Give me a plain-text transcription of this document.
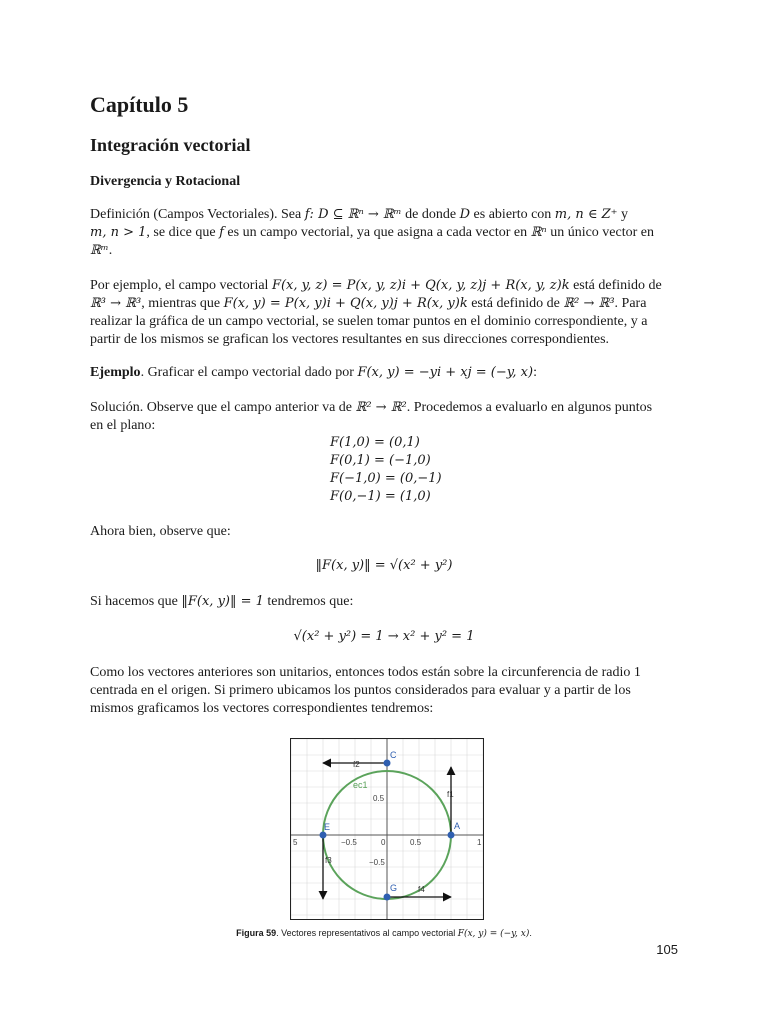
Capítulo 5
Integración vectorial
Divergencia y Rotacional

Definición (Campos Vectoriales). Sea f: D ⊆ ℝⁿ → ℝᵐ de donde D es abierto con m, n ∈ Z⁺ y
m, n > 1, se dice que f es un campo vectorial, ya que asigna a cada vector en ℝⁿ un único vector en
ℝᵐ.

Por ejemplo, el campo vectorial F(x, y, z) = P(x, y, z)i + Q(x, y, z)j + R(x, y, z)k está definido de
ℝ³ → ℝ³, mientras que F(x, y) = P(x, y)i + Q(x, y)j + R(x, y)k está definido de ℝ² → ℝ³. Para
realizar la gráfica de un campo vectorial, se suelen tomar puntos en el dominio correspondiente, y a
partir de los mismos se grafican los vectores resultantes en sus direcciones correspondientes.

Ejemplo. Graficar el campo vectorial dado por F(x, y) = −yi + xj = (−y, x):

Solución. Observe que el campo anterior va de ℝ² → ℝ². Procedemos a evaluarlo en algunos puntos
en el plano:

F(1,0) = (0,1)
F(0,1) = (−1,0)
F(−1,0) = (0,−1)
F(0,−1) = (1,0)

Ahora bien, observe que:

‖F(x, y)‖ = √(x² + y²)

Si hacemos que ‖F(x, y)‖ = 1 tendremos que:

√(x² + y²) = 1 → x² + y² = 1

Como los vectores anteriores son unitarios, entonces todos están sobre la circunferencia de radio 1
centrada en el origen. Si primero ubicamos los puntos considerados para evaluar y a partir de los
mismos graficamos los vectores correspondientes tendremos:

5	−0.5	0	0.5	1
0.5
−0.5
C
E	A
G
f2
f1
f3
f4
ec1
Figura 59. Vectores representativos al campo vectorial F(x, y) = (−y, x).
105
